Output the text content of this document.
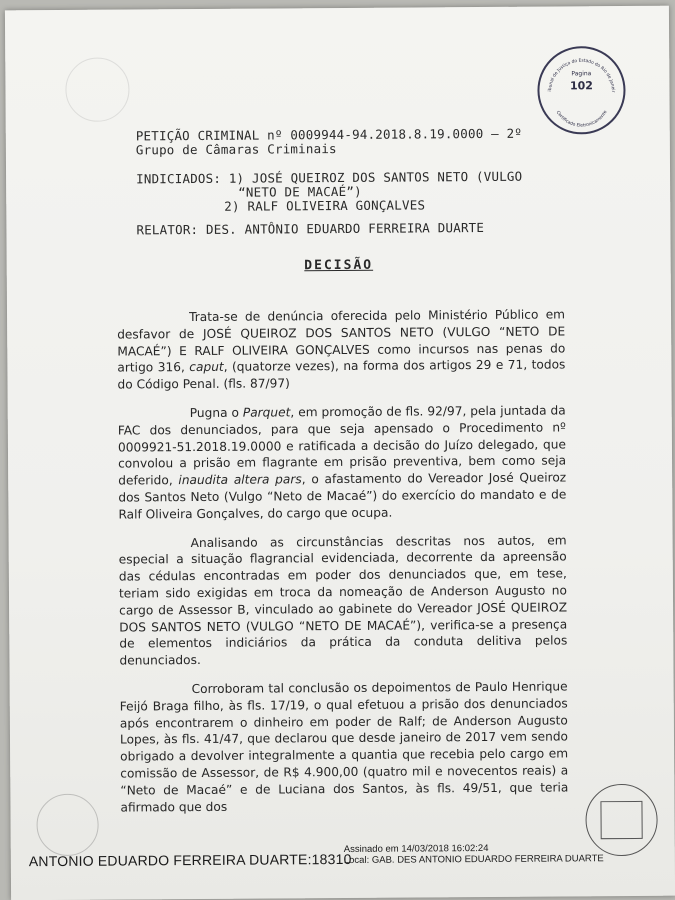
Tribunal de Justiça do Estado do Rio de Janeiro
Certificado Eletronicamente
Pagina
102
PETIÇÃO CRIMINAL nº 0009944-94.2018.8.19.0000 – 2º
Grupo de Câmaras Criminais
INDICIADOS: 1) JOSÉ QUEIROZ DOS SANTOS NETO (VULGO
“NETO DE MACAÉ”)
2) RALF OLIVEIRA GONÇALVES
RELATOR: DES. ANTÔNIO EDUARDO FERREIRA DUARTE
DECISÃO

Trata-se de denúncia oferecida pelo Ministério Público em desfavor de JOSÉ QUEIROZ DOS SANTOS NETO (VULGO “NETO DE MACAÉ”) E RALF OLIVEIRA GONÇALVES como incursos nas penas do artigo 316, caput, (quatorze vezes), na forma dos artigos 29 e 71, todos do Código Penal. (fls. 87/97)

Pugna o Parquet, em promoção de fls. 92/97, pela juntada da FAC dos denunciados, para que seja apensado o Procedimento nº 0009921-51.2018.19.0000 e ratificada a decisão do Juízo delegado, que convolou a prisão em flagrante em prisão preventiva, bem como seja deferido, inaudita altera pars, o afastamento do Vereador José Queiroz dos Santos Neto (Vulgo “Neto de Macaé”) do exercício do mandato e de Ralf Oliveira Gonçalves, do cargo que ocupa.

Analisando as circunstâncias descritas nos autos, em especial a situação flagrancial evidenciada, decorrente da apreensão das cédulas encontradas em poder dos denunciados que, em tese, teriam sido exigidas em troca da nomeação de Anderson Augusto no cargo de Assessor B, vinculado ao gabinete do Vereador JOSÉ QUEIROZ DOS SANTOS NETO (VULGO “NETO DE MACAÉ”), verifica-se a presença de elementos indiciários da prática da conduta delitiva pelos denunciados.

Corroboram tal conclusão os depoimentos de Paulo Henrique Feijó Braga filho, às fls. 17/19, o qual efetuou a prisão dos denunciados após encontrarem o dinheiro em poder de Ralf; de Anderson Augusto Lopes, às fls. 41/47, que declarou que desde janeiro de 2017 vem sendo obrigado a devolver integralmente a quantia que recebia pelo cargo em comissão de Assessor, de R$ 4.900,00 (quatro mil e novecentos reais) a “Neto de Macaé” e de Luciana dos Santos, às fls. 49/51, que teria afirmado que dos

ANTONIO EDUARDO FERREIRA DUARTE:18310
Assinado em 14/03/2018 16:02:24
Local: GAB. DES ANTONIO EDUARDO FERREIRA DUARTE
